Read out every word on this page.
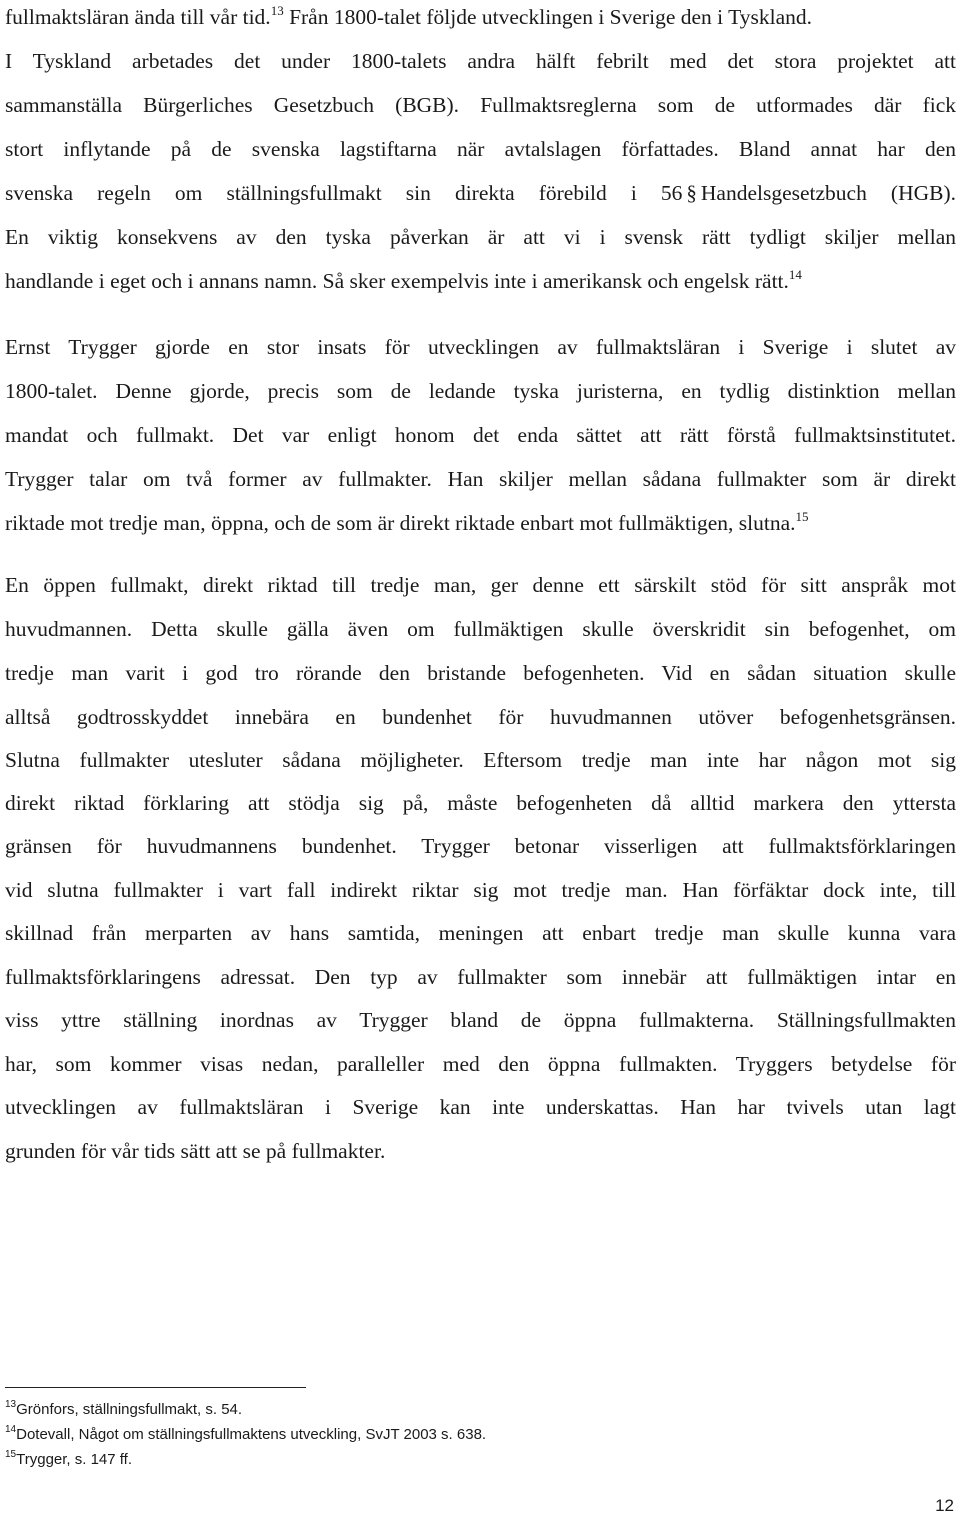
fullmaktsläran ända till vår tid.$^{13}$ Från 1800-talet följde utvecklingen i Sverige den i Tyskland.

I Tyskland arbetades det under 1800-talets andra hälft febrilt med det stora projektet att

sammanställa Bürgerliches Gesetzbuch (BGB). Fullmaktsreglerna som de utformades där fick

stort inflytande på de svenska lagstiftarna när avtalslagen författades. Bland annat har den

svenska regeln om ställningsfullmakt sin direkta förebild i 56 § Handelsgesetzbuch (HGB).

En viktig konsekvens av den tyska påverkan är att vi i svensk rätt tydligt skiljer mellan

handlande i eget och i annans namn. Så sker exempelvis inte i amerikansk och engelsk rätt.$^{14}$

Ernst Trygger gjorde en stor insats för utvecklingen av fullmaktsläran i Sverige i slutet av

1800-talet. Denne gjorde, precis som de ledande tyska juristerna, en tydlig distinktion mellan

mandat och fullmakt. Det var enligt honom det enda sättet att rätt förstå fullmaktsinstitutet.

Trygger talar om två former av fullmakter. Han skiljer mellan sådana fullmakter som är direkt

riktade mot tredje man, öppna, och de som är direkt riktade enbart mot fullmäktigen, slutna.$^{15}$

En öppen fullmakt, direkt riktad till tredje man, ger denne ett särskilt stöd för sitt anspråk mot

huvudmannen. Detta skulle gälla även om fullmäktigen skulle överskridit sin befogenhet, om

tredje man varit i god tro rörande den bristande befogenheten. Vid en sådan situation skulle

alltså godtrosskyddet innebära en bundenhet för huvudmannen utöver befogenhetsgränsen.

Slutna fullmakter utesluter sådana möjligheter. Eftersom tredje man inte har någon mot sig

direkt riktad förklaring att stödja sig på, måste befogenheten då alltid markera den yttersta

gränsen för huvudmannens bundenhet. Trygger betonar visserligen att fullmaktsförklaringen

vid slutna fullmakter i vart fall indirekt riktar sig mot tredje man. Han förfäktar dock inte, till

skillnad från merparten av hans samtida, meningen att enbart tredje man skulle kunna vara

fullmaktsförklaringens adressat. Den typ av fullmakter som innebär att fullmäktigen intar en

viss yttre ställning inordnas av Trygger bland de öppna fullmakterna. Ställningsfullmakten

har, som kommer visas nedan, paralleller med den öppna fullmakten. Tryggers betydelse för

utvecklingen av fullmaktsläran i Sverige kan inte underskattas. Han har tvivels utan lagt

grunden för vår tids sätt att se på fullmakter.

$^{13}$Grönfors, ställningsfullmakt, s. 54.

$^{14}$Dotevall, Något om ställningsfullmaktens utveckling, SvJT 2003 s. 638.

$^{15}$Trygger, s. 147 ff.

12
